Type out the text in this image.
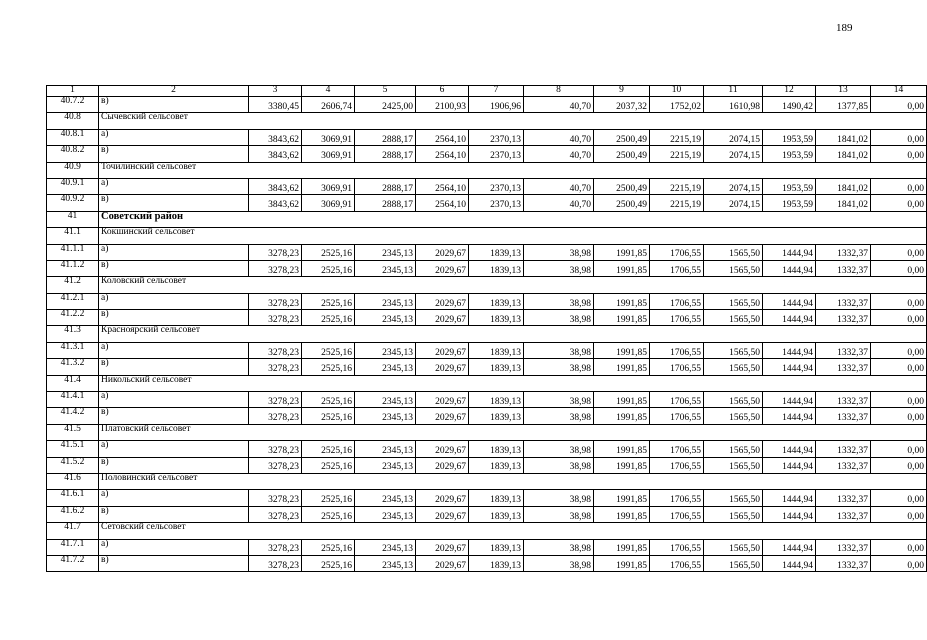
189
1	2	3	4	5	6	7	8	9	10	11	12	13	14
40.7.2	в)	3380,45	2606,74	2425,00	2100,93	1906,96	40,70	2037,32	1752,02	1610,98	1490,42	1377,85	0,00
40.8	Сычевский сельсовет												
40.8.1	а)	3843,62	3069,91	2888,17	2564,10	2370,13	40,70	2500,49	2215,19	2074,15	1953,59	1841,02	0,00
40.8.2	в)	3843,62	3069,91	2888,17	2564,10	2370,13	40,70	2500,49	2215,19	2074,15	1953,59	1841,02	0,00
40.9	Точилинский сельсовет												
40.9.1	а)	3843,62	3069,91	2888,17	2564,10	2370,13	40,70	2500,49	2215,19	2074,15	1953,59	1841,02	0,00
40.9.2	в)	3843,62	3069,91	2888,17	2564,10	2370,13	40,70	2500,49	2215,19	2074,15	1953,59	1841,02	0,00
41	Советский район												
41.1	Кокшинский сельсовет												
41.1.1	а)	3278,23	2525,16	2345,13	2029,67	1839,13	38,98	1991,85	1706,55	1565,50	1444,94	1332,37	0,00
41.1.2	в)	3278,23	2525,16	2345,13	2029,67	1839,13	38,98	1991,85	1706,55	1565,50	1444,94	1332,37	0,00
41.2	Коловский сельсовет												
41.2.1	а)	3278,23	2525,16	2345,13	2029,67	1839,13	38,98	1991,85	1706,55	1565,50	1444,94	1332,37	0,00
41.2.2	в)	3278,23	2525,16	2345,13	2029,67	1839,13	38,98	1991,85	1706,55	1565,50	1444,94	1332,37	0,00
41.3	Красноярский сельсовет												
41.3.1	а)	3278,23	2525,16	2345,13	2029,67	1839,13	38,98	1991,85	1706,55	1565,50	1444,94	1332,37	0,00
41.3.2	в)	3278,23	2525,16	2345,13	2029,67	1839,13	38,98	1991,85	1706,55	1565,50	1444,94	1332,37	0,00
41.4	Никольский сельсовет												
41.4.1	а)	3278,23	2525,16	2345,13	2029,67	1839,13	38,98	1991,85	1706,55	1565,50	1444,94	1332,37	0,00
41.4.2	в)	3278,23	2525,16	2345,13	2029,67	1839,13	38,98	1991,85	1706,55	1565,50	1444,94	1332,37	0,00
41.5	Платовский сельсовет												
41.5.1	а)	3278,23	2525,16	2345,13	2029,67	1839,13	38,98	1991,85	1706,55	1565,50	1444,94	1332,37	0,00
41.5.2	в)	3278,23	2525,16	2345,13	2029,67	1839,13	38,98	1991,85	1706,55	1565,50	1444,94	1332,37	0,00
41.6	Половинский сельсовет												
41.6.1	а)	3278,23	2525,16	2345,13	2029,67	1839,13	38,98	1991,85	1706,55	1565,50	1444,94	1332,37	0,00
41.6.2	в)	3278,23	2525,16	2345,13	2029,67	1839,13	38,98	1991,85	1706,55	1565,50	1444,94	1332,37	0,00
41.7	Сетовский сельсовет												
41.7.1	а)	3278,23	2525,16	2345,13	2029,67	1839,13	38,98	1991,85	1706,55	1565,50	1444,94	1332,37	0,00
41.7.2	в)	3278,23	2525,16	2345,13	2029,67	1839,13	38,98	1991,85	1706,55	1565,50	1444,94	1332,37	0,00
